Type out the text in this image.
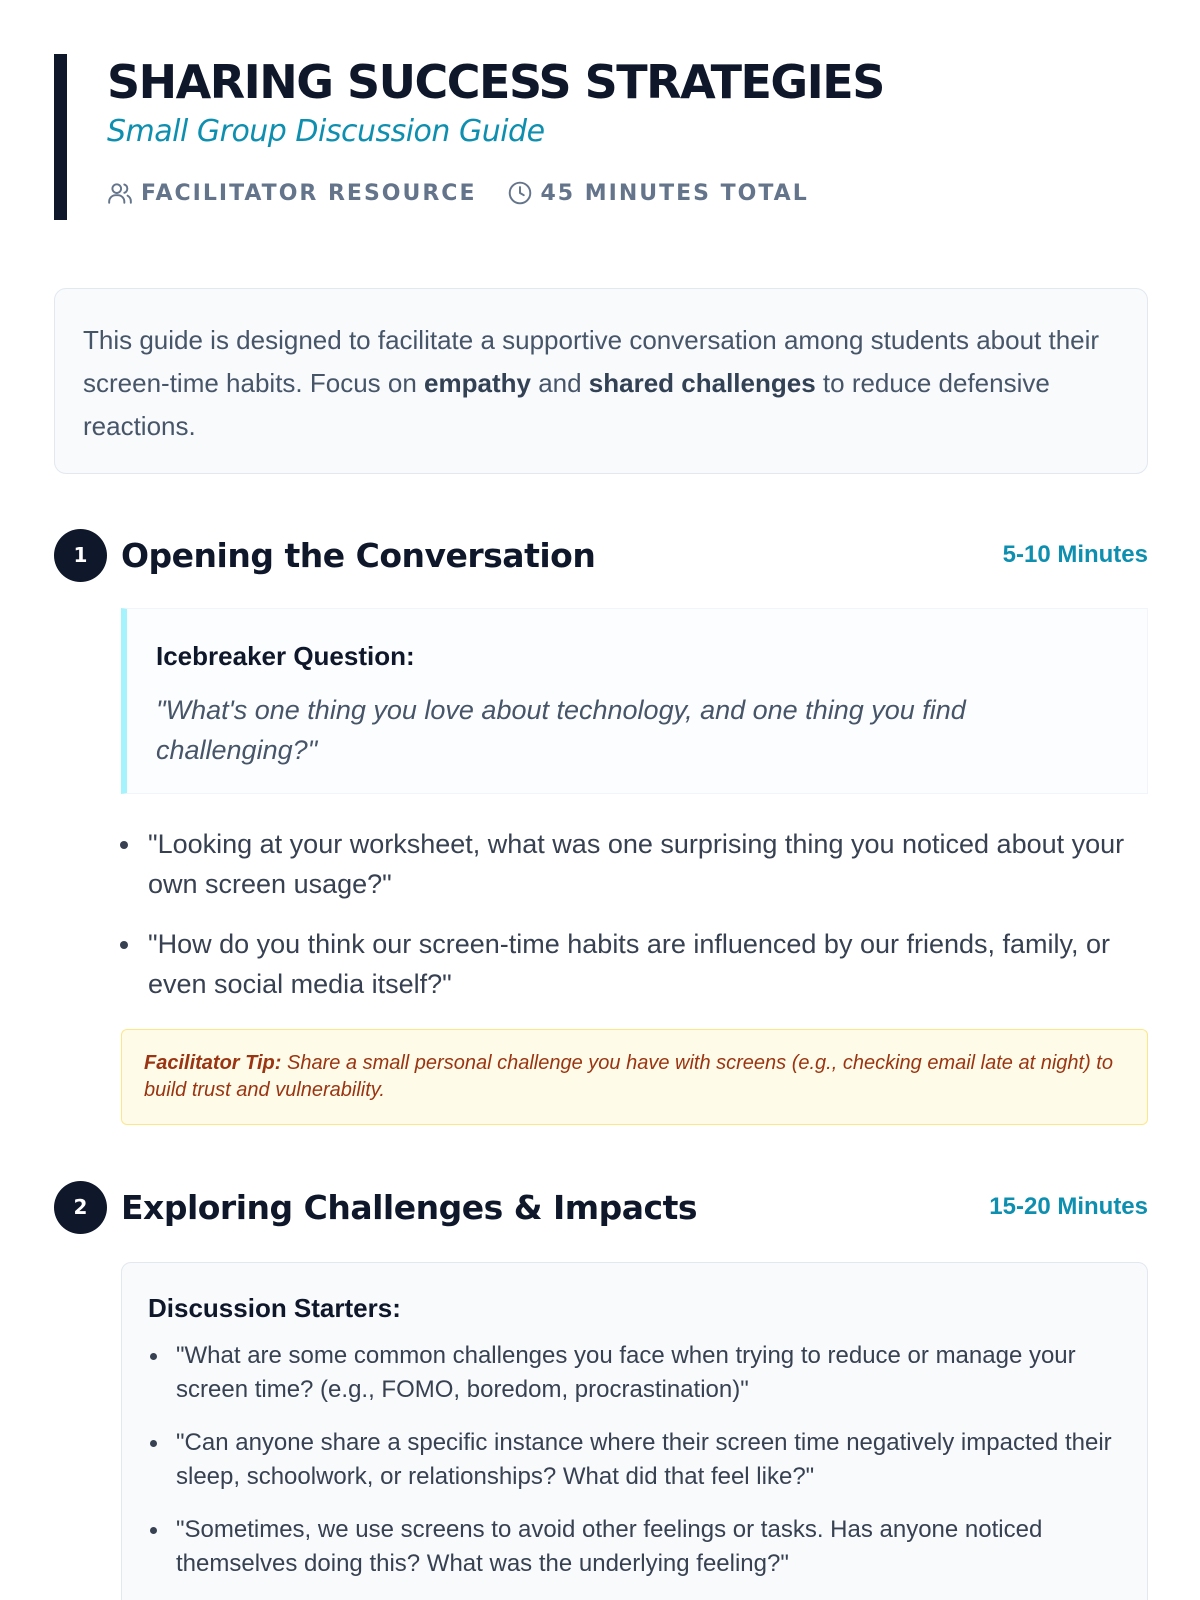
SHARING SUCCESS STRATEGIES
Small Group Discussion Guide
FACILITATOR RESOURCE	45 MINUTES TOTAL

This guide is designed to facilitate a supportive conversation among students about their screen-time habits. Focus on empathy and shared challenges to reduce defensive reactions.

1	Opening the Conversation	5-10 Minutes
Icebreaker Question:
"What's one thing you love about technology, and one thing you find challenging?"
"Looking at your worksheet, what was one surprising thing you noticed about your own screen usage?"
"How do you think our screen-time habits are influenced by our friends, family, or even social media itself?"
Facilitator Tip: Share a small personal challenge you have with screens (e.g., checking email late at night) to build trust and vulnerability.
2	Exploring Challenges & Impacts	15-20 Minutes
Discussion Starters:
"What are some common challenges you face when trying to reduce or manage your screen time? (e.g., FOMO, boredom, procrastination)"
"Can anyone share a specific instance where their screen time negatively impacted their sleep, schoolwork, or relationships? What did that feel like?"
"Sometimes, we use screens to avoid other feelings or tasks. Has anyone noticed themselves doing this? What was the underlying feeling?"
